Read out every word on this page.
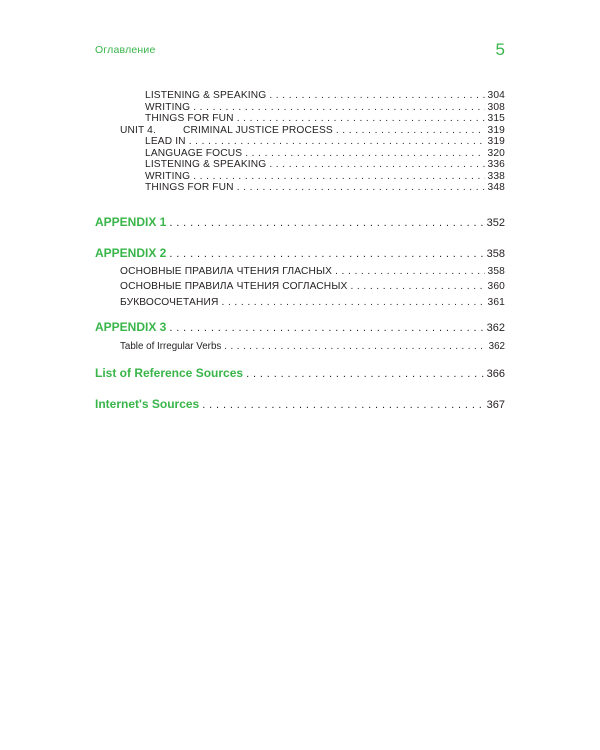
Оглавление	5
LISTENING & SPEAKING . . .	304
WRITING . . .	308
THINGS FOR FUN . . .	315
UNIT 4.	CRIMINAL JUSTICE PROCESS . . .	319
LEAD IN . . .	319
LANGUAGE FOCUS . . .	320
LISTENING & SPEAKING . . .	336
WRITING . . .	338
THINGS FOR FUN . . .	348
APPENDIX 1 . . .	352
APPENDIX 2 . . .	358
ОСНОВНЫЕ ПРАВИЛА ЧТЕНИЯ ГЛАСНЫХ . . .	358
ОСНОВНЫЕ ПРАВИЛА ЧТЕНИЯ СОГЛАСНЫХ . . .	360
БУКВОСОЧЕТАНИЯ . . .	361
APPENDIX 3 . . .	362
Table of Irregular Verbs . . .	362
List of Reference Sources . . .	366
Internet's Sources . . .	367
